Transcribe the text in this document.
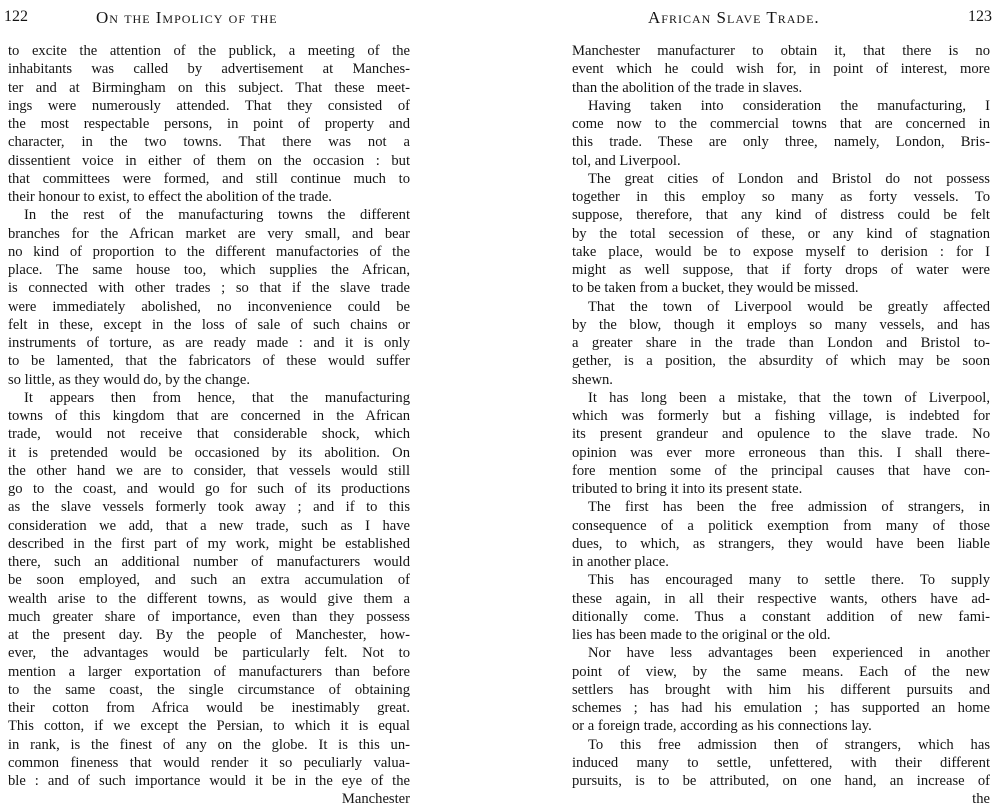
122	On the Impolicy of the
to excite the attention of the publick, a meeting of the
inhabitants was called by advertisement at Manches-
ter and at Birmingham on this subject. That these meet-
ings were numerously attended. That they consisted of
the most respectable persons, in point of property and
character, in the two towns. That there was not a
dissentient voice in either of them on the occasion : but
that committees were formed, and still continue much to
their honour to exist, to effect the abolition of the trade.
In the rest of the manufacturing towns the different
branches for the African market are very small, and bear
no kind of proportion to the different manufactories of the
place. The same house too, which supplies the African,
is connected with other trades ; so that if the slave trade
were immediately abolished, no inconvenience could be
felt in these, except in the loss of sale of such chains or
instruments of torture, as are ready made : and it is only
to be lamented, that the fabricators of these would suffer
so little, as they would do, by the change.
It appears then from hence, that the manufacturing
towns of this kingdom that are concerned in the African
trade, would not receive that considerable shock, which
it is pretended would be occasioned by its abolition. On
the other hand we are to consider, that vessels would still
go to the coast, and would go for such of its productions
as the slave vessels formerly took away ; and if to this
consideration we add, that a new trade, such as I have
described in the first part of my work, might be established
there, such an additional number of manufacturers would
be soon employed, and such an extra accumulation of
wealth arise to the different towns, as would give them a
much greater share of importance, even than they possess
at the present day. By the people of Manchester, how-
ever, the advantages would be particularly felt. Not to
mention a larger exportation of manufacturers than before
to the same coast, the single circumstance of obtaining
their cotton from Africa would be inestimably great.
This cotton, if we except the Persian, to which it is equal
in rank, is the finest of any on the globe. It is this un-
common fineness that would render it so peculiarly valua-
ble : and of such importance would it be in the eye of the
Manchester
African Slave Trade.	123
Manchester manufacturer to obtain it, that there is no
event which he could wish for, in point of interest, more
than the abolition of the trade in slaves.
Having taken into consideration the manufacturing, I
come now to the commercial towns that are concerned in
this trade. These are only three, namely, London, Bris-
tol, and Liverpool.
The great cities of London and Bristol do not possess
together in this employ so many as forty vessels. To
suppose, therefore, that any kind of distress could be felt
by the total secession of these, or any kind of stagnation
take place, would be to expose myself to derision : for I
might as well suppose, that if forty drops of water were
to be taken from a bucket, they would be missed.
That the town of Liverpool would be greatly affected
by the blow, though it employs so many vessels, and has
a greater share in the trade than London and Bristol to-
gether, is a position, the absurdity of which may be soon
shewn.
It has long been a mistake, that the town of Liverpool,
which was formerly but a fishing village, is indebted for
its present grandeur and opulence to the slave trade. No
opinion was ever more erroneous than this. I shall there-
fore mention some of the principal causes that have con-
tributed to bring it into its present state.
The first has been the free admission of strangers, in
consequence of a politick exemption from many of those
dues, to which, as strangers, they would have been liable
in another place.
This has encouraged many to settle there. To supply
these again, in all their respective wants, others have ad-
ditionally come. Thus a constant addition of new fami-
lies has been made to the original or the old.
Nor have less advantages been experienced in another
point of view, by the same means. Each of the new
settlers has brought with him his different pursuits and
schemes ; has had his emulation ; has supported an home
or a foreign trade, according as his connections lay.
To this free admission then of strangers, which has
induced many to settle, unfettered, with their different
pursuits, is to be attributed, on one hand, an increase of
the
